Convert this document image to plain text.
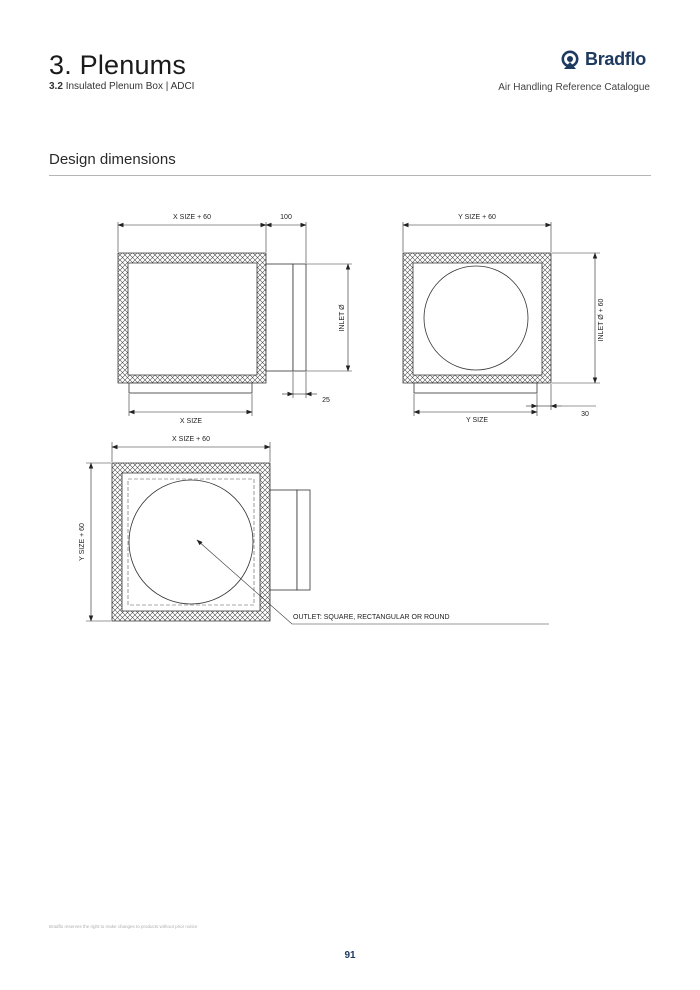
3. Plenums
3.2 Insulated Plenum Box | ADCI
Bradflo
Air Handling Reference Catalogue
Design dimensions
X SIZE + 60	100
INLET Ø
25
X SIZE
Y SIZE + 60
INLET Ø + 60
30
Y SIZE
X SIZE + 60
Y SIZE + 60
OUTLET: SQUARE, RECTANGULAR OR ROUND
Bradflo reserves the right to make changes to products without prior notice
91
